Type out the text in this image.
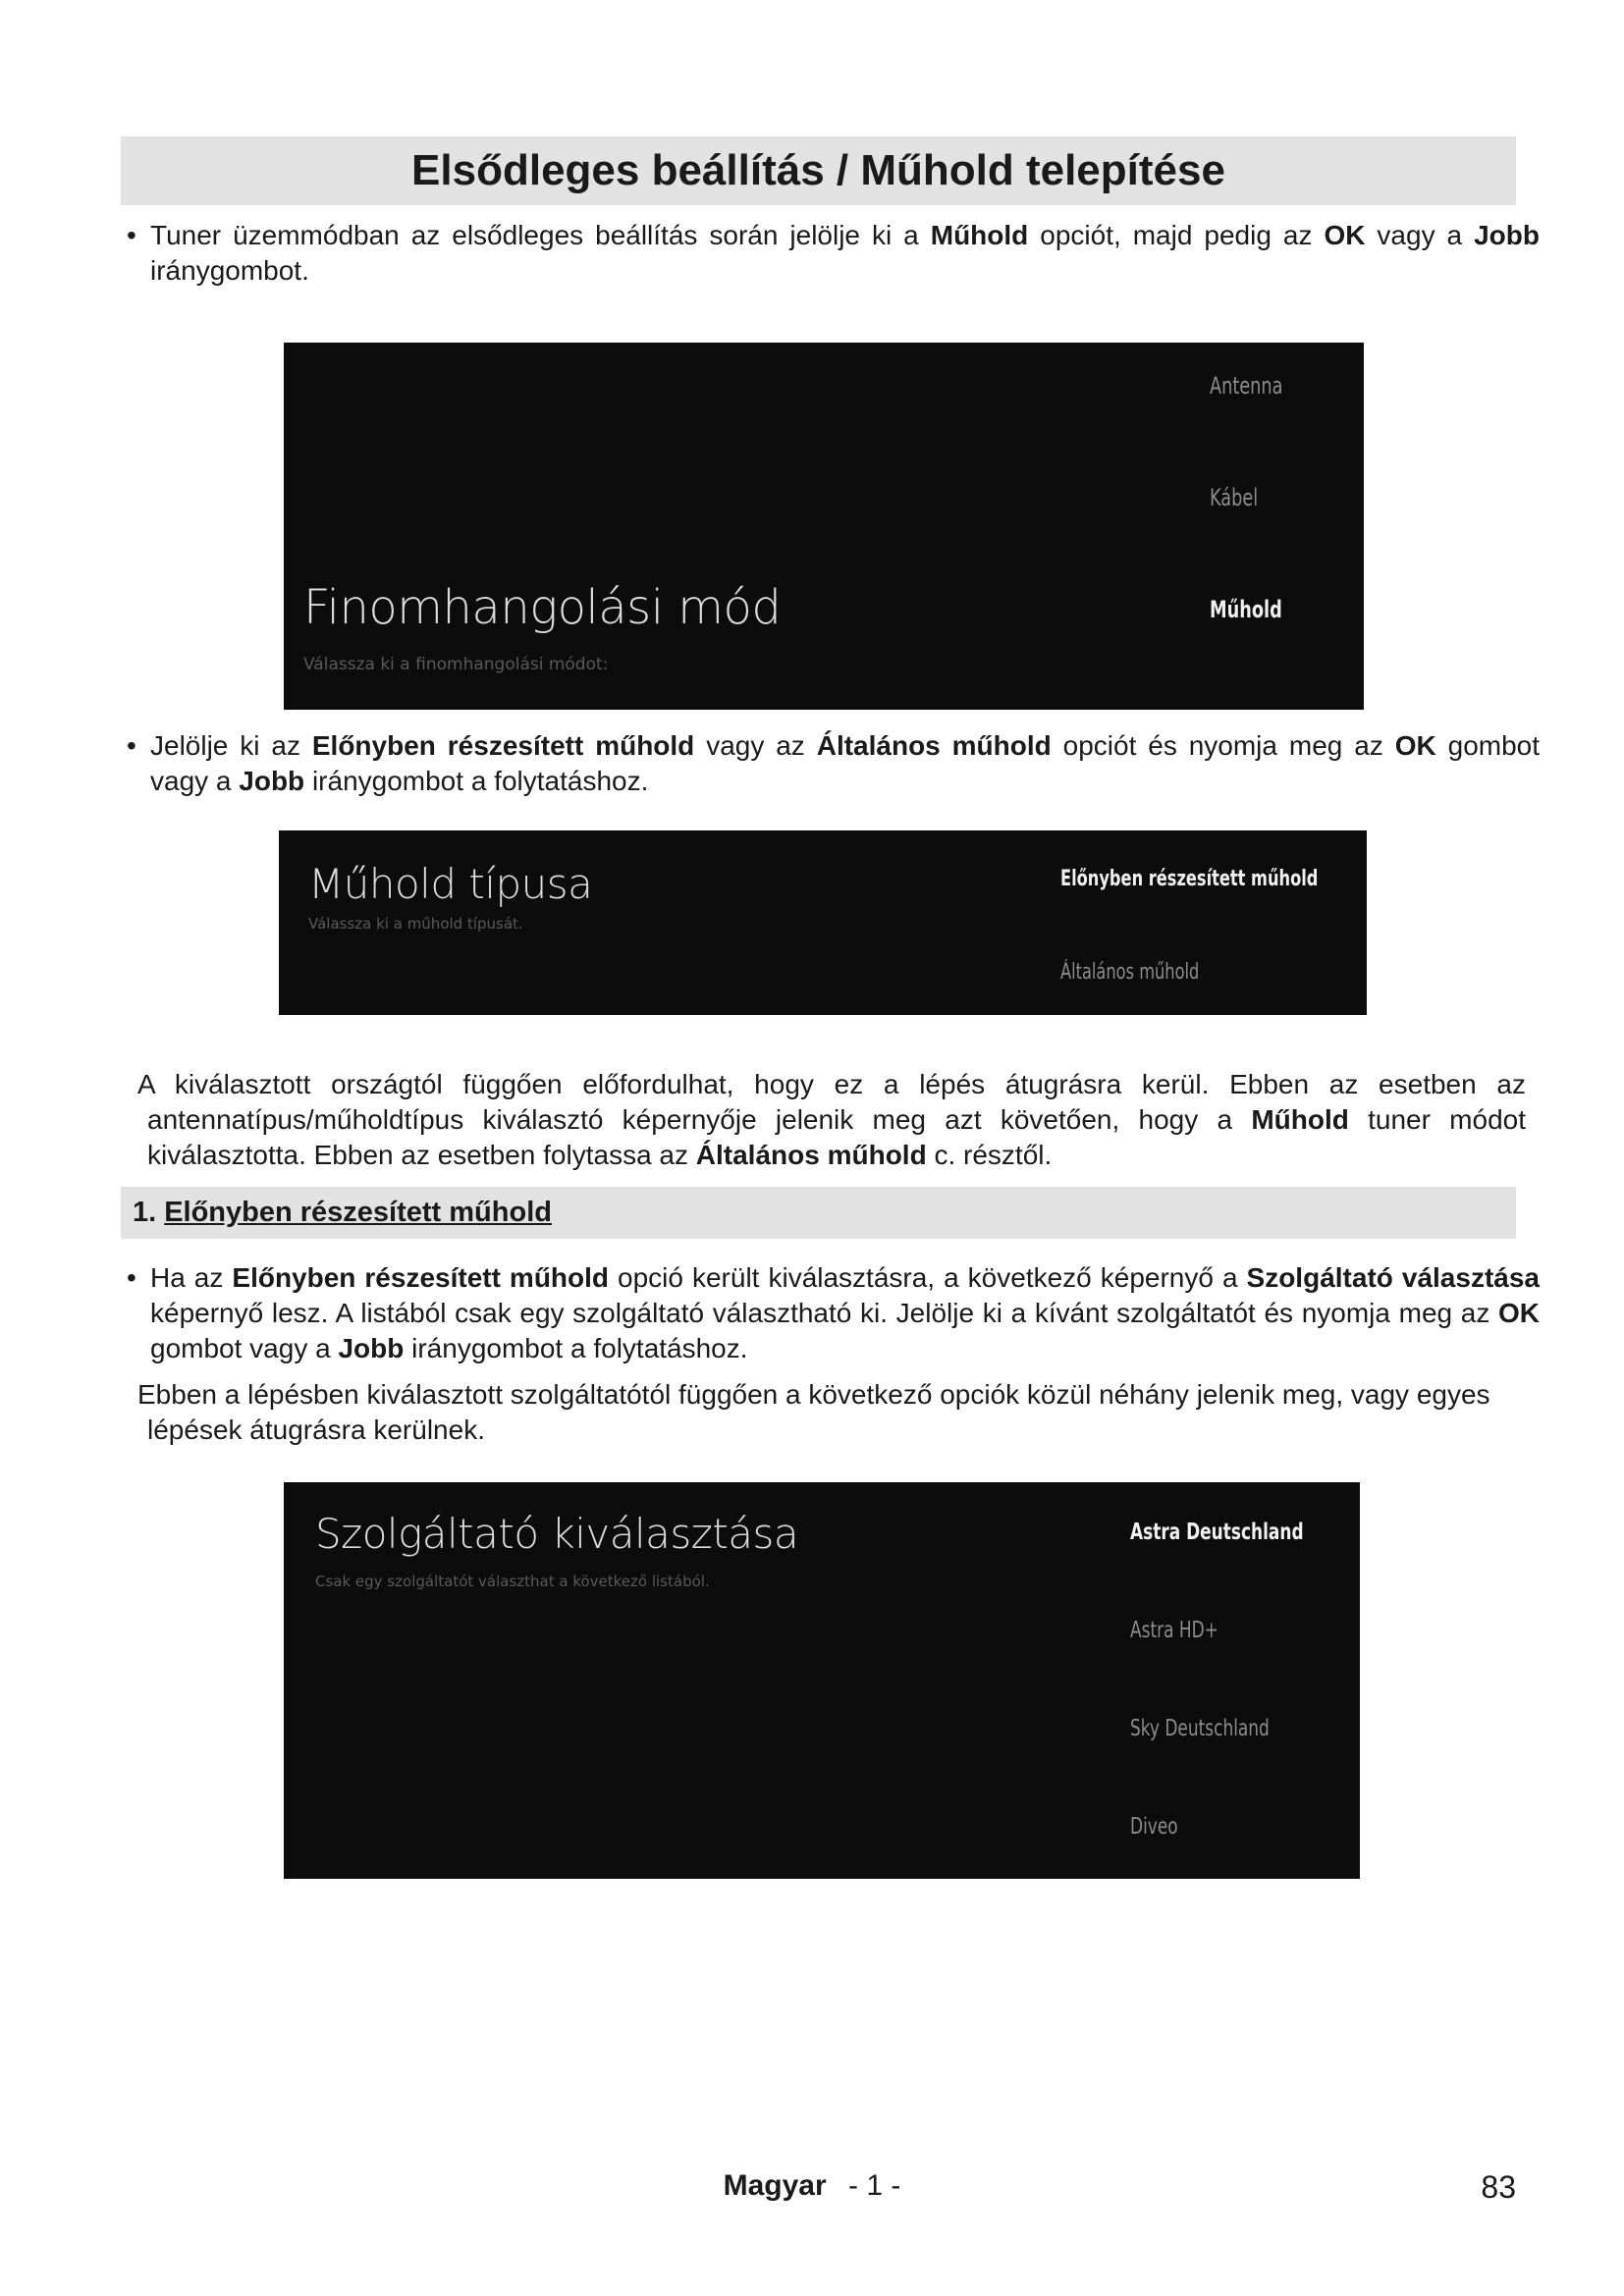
Elsődleges beállítás / Műhold telepítése

• Tuner üzemmódban az elsődleges beállítás során jelölje ki a Műhold opciót, majd pedig az OK vagy a Jobb iránygombot.

Antenna
Kábel
Műhold
Finomhangolási mód
Válassza ki a finomhangolási módot:

• Jelölje ki az Előnyben részesített műhold vagy az Általános műhold opciót és nyomja meg az OK gombot vagy a Jobb iránygombot a folytatáshoz.

Műhold típusa
Válassza ki a műhold típusát.
Előnyben részesített műhold
Általános műhold

A kiválasztott országtól függően előfordulhat, hogy ez a lépés átugrásra kerül. Ebben az esetben az antennatípus/műholdtípus kiválasztó képernyője jelenik meg azt követően, hogy a Műhold tuner módot kiválasztotta. Ebben az esetben folytassa az Általános műhold c. résztől.

1. Előnyben részesített műhold

• Ha az Előnyben részesített műhold opció került kiválasztásra, a következő képernyő a Szolgáltató választása képernyő lesz. A listából csak egy szolgáltató választható ki. Jelölje ki a kívánt szolgáltatót és nyomja meg az OK gombot vagy a Jobb iránygombot a folytatáshoz.

Ebben a lépésben kiválasztott szolgáltatótól függően a következő opciók közül néhány jelenik meg, vagy egyes lépések átugrásra kerülnek.

Szolgáltató kiválasztása
Csak egy szolgáltatót választhat a következő listából.
Astra Deutschland
Astra HD+
Sky Deutschland
Diveo
Magyar - 1 -	83
